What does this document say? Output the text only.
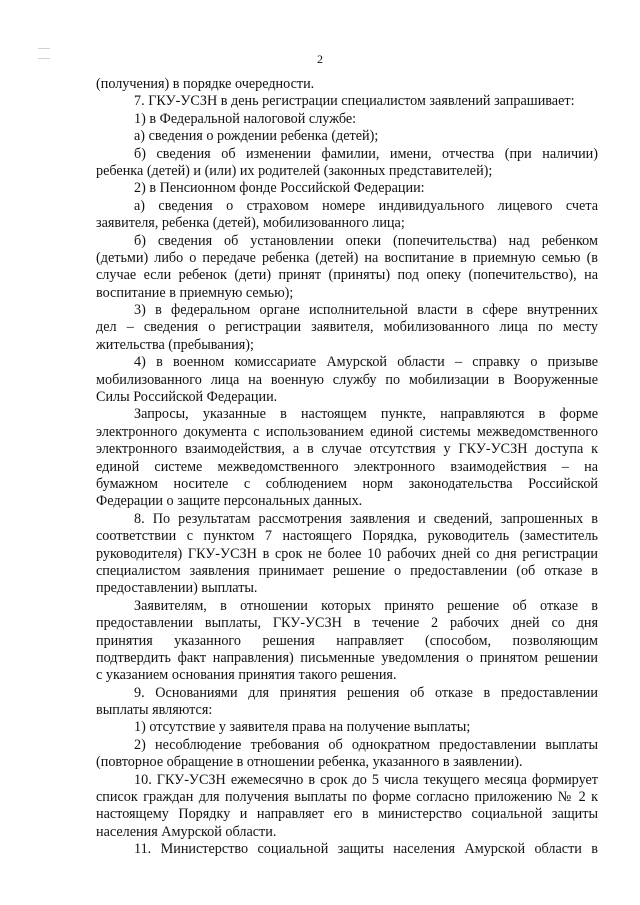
2
(получения) в порядке очередности.
7. ГКУ-УСЗН в день регистрации специалистом заявлений запрашивает:
1) в Федеральной налоговой службе:
а) сведения о рождении ребенка (детей);
б) сведения об изменении фамилии, имени, отчества (при наличии)
ребенка (детей) и (или) их родителей (законных представителей);
2) в Пенсионном фонде Российской Федерации:
а) сведения о страховом номере индивидуального лицевого счета
заявителя, ребенка (детей), мобилизованного лица;
б) сведения об установлении опеки (попечительства) над ребенком
(детьми) либо о передаче ребенка (детей) на воспитание в приемную семью (в
случае если ребенок (дети) принят (приняты) под опеку (попечительство), на
воспитание в приемную семью);
3) в федеральном органе исполнительной власти в сфере внутренних
дел – сведения о регистрации заявителя, мобилизованного лица по месту
жительства (пребывания);
4) в военном комиссариате Амурской области – справку о призыве
мобилизованного лица на военную службу по мобилизации в Вооруженные
Силы Российской Федерации.
Запросы, указанные в настоящем пункте, направляются в форме
электронного документа с использованием единой системы межведомственного
электронного взаимодействия, а в случае отсутствия у ГКУ-УСЗН доступа к
единой системе межведомственного электронного взаимодействия – на
бумажном носителе с соблюдением норм законодательства Российской
Федерации о защите персональных данных.
8. По результатам рассмотрения заявления и сведений, запрошенных в
соответствии с пунктом 7 настоящего Порядка, руководитель (заместитель
руководителя) ГКУ-УСЗН в срок не более 10 рабочих дней со дня регистрации
специалистом заявления принимает решение о предоставлении (об отказе в
предоставлении) выплаты.
Заявителям, в отношении которых принято решение об отказе в
предоставлении выплаты, ГКУ-УСЗН в течение 2 рабочих дней со дня
принятия указанного решения направляет (способом, позволяющим
подтвердить факт направления) письменные уведомления о принятом решении
с указанием основания принятия такого решения.
9. Основаниями для принятия решения об отказе в предоставлении
выплаты являются:
1) отсутствие у заявителя права на получение выплаты;
2) несоблюдение требования об однократном предоставлении выплаты
(повторное обращение в отношении ребенка, указанного в заявлении).
10. ГКУ-УСЗН ежемесячно в срок до 5 числа текущего месяца формирует
список граждан для получения выплаты по форме согласно приложению № 2 к
настоящему Порядку и направляет его в министерство социальной защиты
населения Амурской области.
11. Министерство социальной защиты населения Амурской области в
